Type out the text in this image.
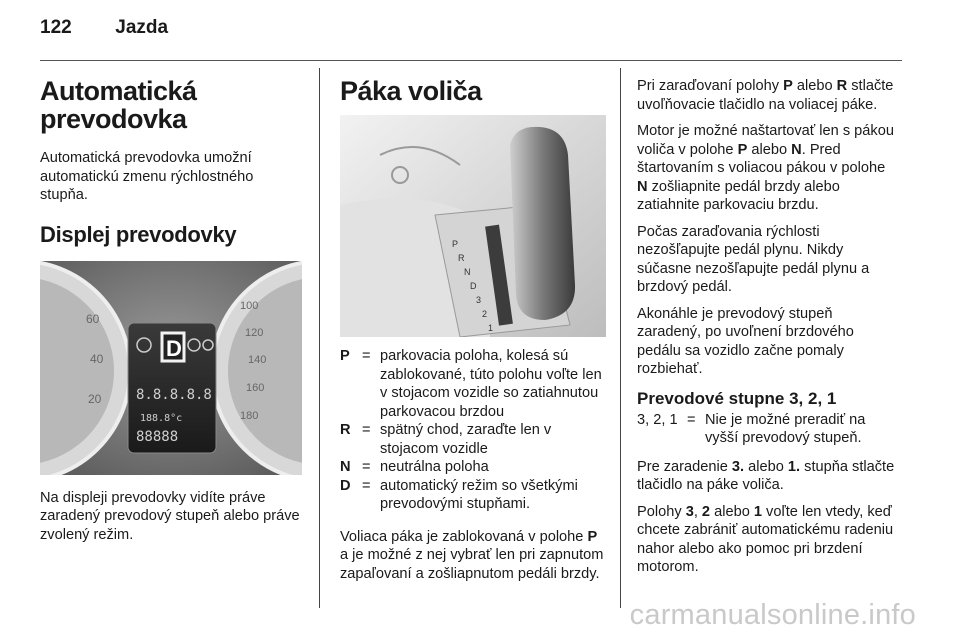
122 Jazda
Automatická
prevodovka

Automatická prevodovka umožní automatickú zmenu rýchlostného stupňa.

Displej prevodovky
60
40
20
100
120
140
160
180
D
8.8.8.8.8
188.8°c
88888

Na displeji prevodovky vidíte práve zaradený prevodový stupeň alebo práve zvolený režim.

Páka voliča
P
R
N
D
3
2
1
P	=	parkovacia poloha, kolesá sú zablokované, túto polohu voľte len v stojacom vozidle so zatiahnutou parkovacou brzdou
R	=	spätný chod, zaraďte len v stojacom vozidle
N	=	neutrálna poloha
D	=	automatický režim so všetkými prevodovými stupňami.

Voliaca páka je zablokovaná v polohe P a je možné z nej vybrať len pri zapnutom zapaľovaní a zošliapnutom pedáli brzdy.

Pri zaraďovaní polohy P alebo R stlačte uvoľňovacie tlačidlo na voliacej páke.

Motor je možné naštartovať len s pákou voliča v polohe P alebo N. Pred štartovaním s voliacou pákou v polohe N zošliapnite pedál brzdy alebo zatiahnite parkovaciu brzdu.

Počas zaraďovania rýchlosti nezošľapujte pedál plynu. Nikdy súčasne nezošľapujte pedál plynu a brzdový pedál.

Akonáhle je prevodový stupeň zaradený, po uvoľnení brzdového pedálu sa vozidlo začne pomaly rozbiehať.

Prevodové stupne 3, 2, 1
3, 2, 1	=	Nie je možné preradiť na vyšší prevodový stupeň.

Pre zaradenie 3. alebo 1. stupňa stlačte tlačidlo na páke voliča.

Polohy 3, 2 alebo 1 voľte len vtedy, keď chcete zabrániť automatickému radeniu nahor alebo ako pomoc pri brzdení motorom.

carmanualsonline.info
